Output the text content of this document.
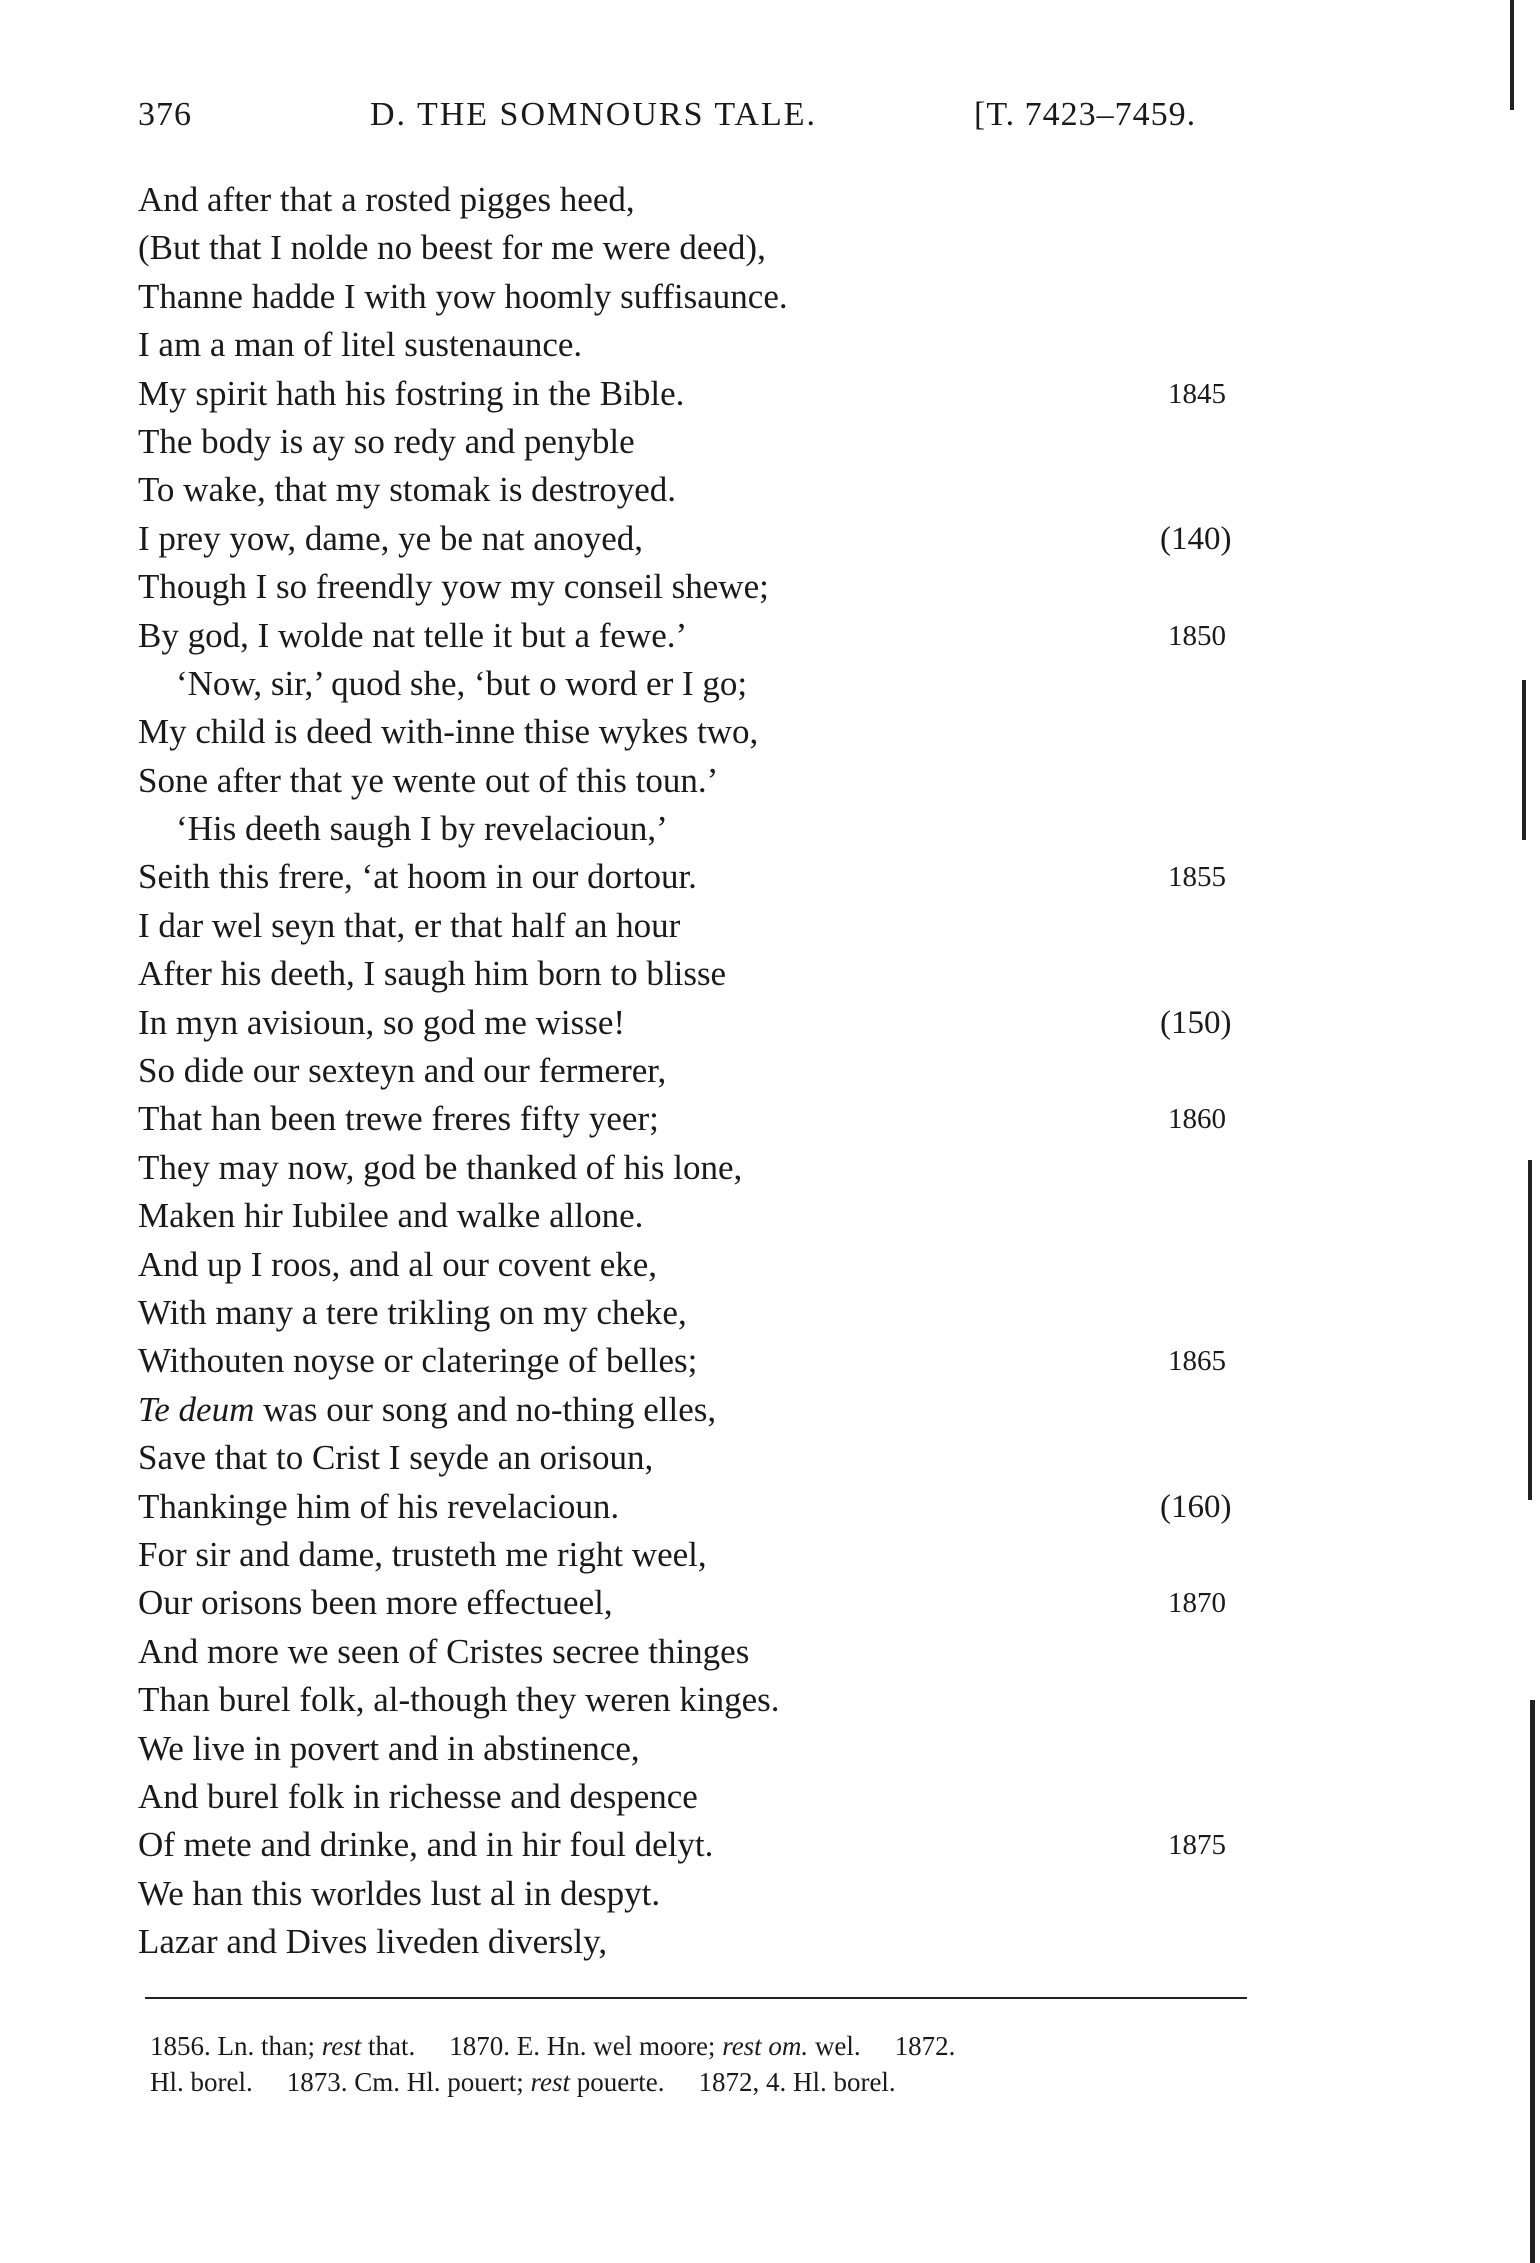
376	D. THE SOMNOURS TALE.	[T. 7423–7459.
And after that a rosted pigges heed,
(But that I nolde no beest for me were deed),
Thanne hadde I with yow hoomly suffisaunce.
I am a man of litel sustenaunce.
My spirit hath his fostring in the Bible.	1845
The body is ay so redy and penyble
To wake, that my stomak is destroyed.
I prey yow, dame, ye be nat anoyed,	(140)
Though I so freendly yow my conseil shewe;
By god, I wolde nat telle it but a fewe.’	1850
‘Now, sir,’ quod she, ‘but o word er I go;
My child is deed with-inne thise wykes two,
Sone after that ye wente out of this toun.’
‘His deeth saugh I by revelacioun,’
Seith this frere, ‘at hoom in our dortour.	1855
I dar wel seyn that, er that half an hour
After his deeth, I saugh him born to blisse
In myn avisioun, so god me wisse!	(150)
So dide our sexteyn and our fermerer,
That han been trewe freres fifty yeer;	1860
They may now, god be thanked of his lone,
Maken hir Iubilee and walke allone.
And up I roos, and al our covent eke,
With many a tere trikling on my cheke,
Withouten noyse or clateringe of belles;	1865
Te deum was our song and no-thing elles,
Save that to Crist I seyde an orisoun,
Thankinge him of his revelacioun.	(160)
For sir and dame, trusteth me right weel,
Our orisons been more effectueel,	1870
And more we seen of Cristes secree thinges
Than burel folk, al-though they weren kinges.
We live in povert and in abstinence,
And burel folk in richesse and despence
Of mete and drinke, and in hir foul delyt.	1875
We han this worldes lust al in despyt.
Lazar and Dives liveden diversly,
1856. Ln. than; rest that. 1870. E. Hn. wel moore; rest om. wel. 1872.
Hl. borel. 1873. Cm. Hl. pouert; rest pouerte. 1872, 4. Hl. borel.
